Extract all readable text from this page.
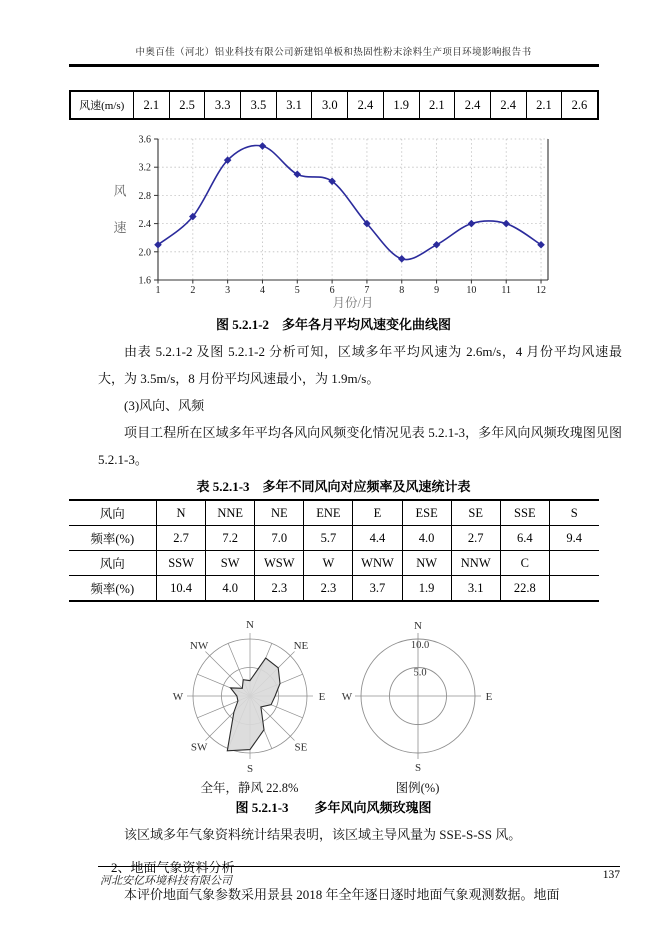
中奥百佳（河北）铝业科技有限公司新建铝单板和热固性粉末涂料生产项目环境影响报告书
风速(m/s)	2.1	2.5	3.3	3.5	3.1	3.0	2.4	1.9	2.1	2.4	2.4	2.1	2.6
1.6
2.0
2.4
2.8
3.2
3.6
1	2	3	4	5	6	7	8	9	10	11	12
风
速
月份/月
图 5.2.1-2　多年各月平均风速变化曲线图

由表 5.2.1-2 及图 5.2.1-2 分析可知，区域多年平均风速为 2.6m/s，4 月份平均风速最大，为 3.5m/s，8 月份平均风速最小，为 1.9m/s。

(3)风向、风频

项目工程所在区域多年平均各风向风频变化情况见表 5.2.1-3，多年风向风频玫瑰图见图 5.2.1-3。

表 5.2.1-3　多年不同风向对应频率及风速统计表
风向	N	NNE	NE	ENE	E	ESE	SE	SSE	S
频率(%)	2.7	7.2	7.0	5.7	4.4	4.0	2.7	6.4	9.4
风向	SSW	SW	WSW	W	WNW	NW	NNW	C	
频率(%)	10.4	4.0	2.3	2.3	3.7	1.9	3.1	22.8	
N
NE
E
SE
S
SW
W
NW
全年，静风 22.8%
10.0
5.0
N
E
S
W
图例(%)
图 5.2.1-3　　多年风向风频玫瑰图

该区域多年气象资料统计结果表明，该区域主导风量为 SSE-S-SS 风。

2、地面气象资料分析

本评价地面气象参数采用景县 2018 年全年逐日逐时地面气象观测数据。地面

河北安亿环境科技有限公司	137
